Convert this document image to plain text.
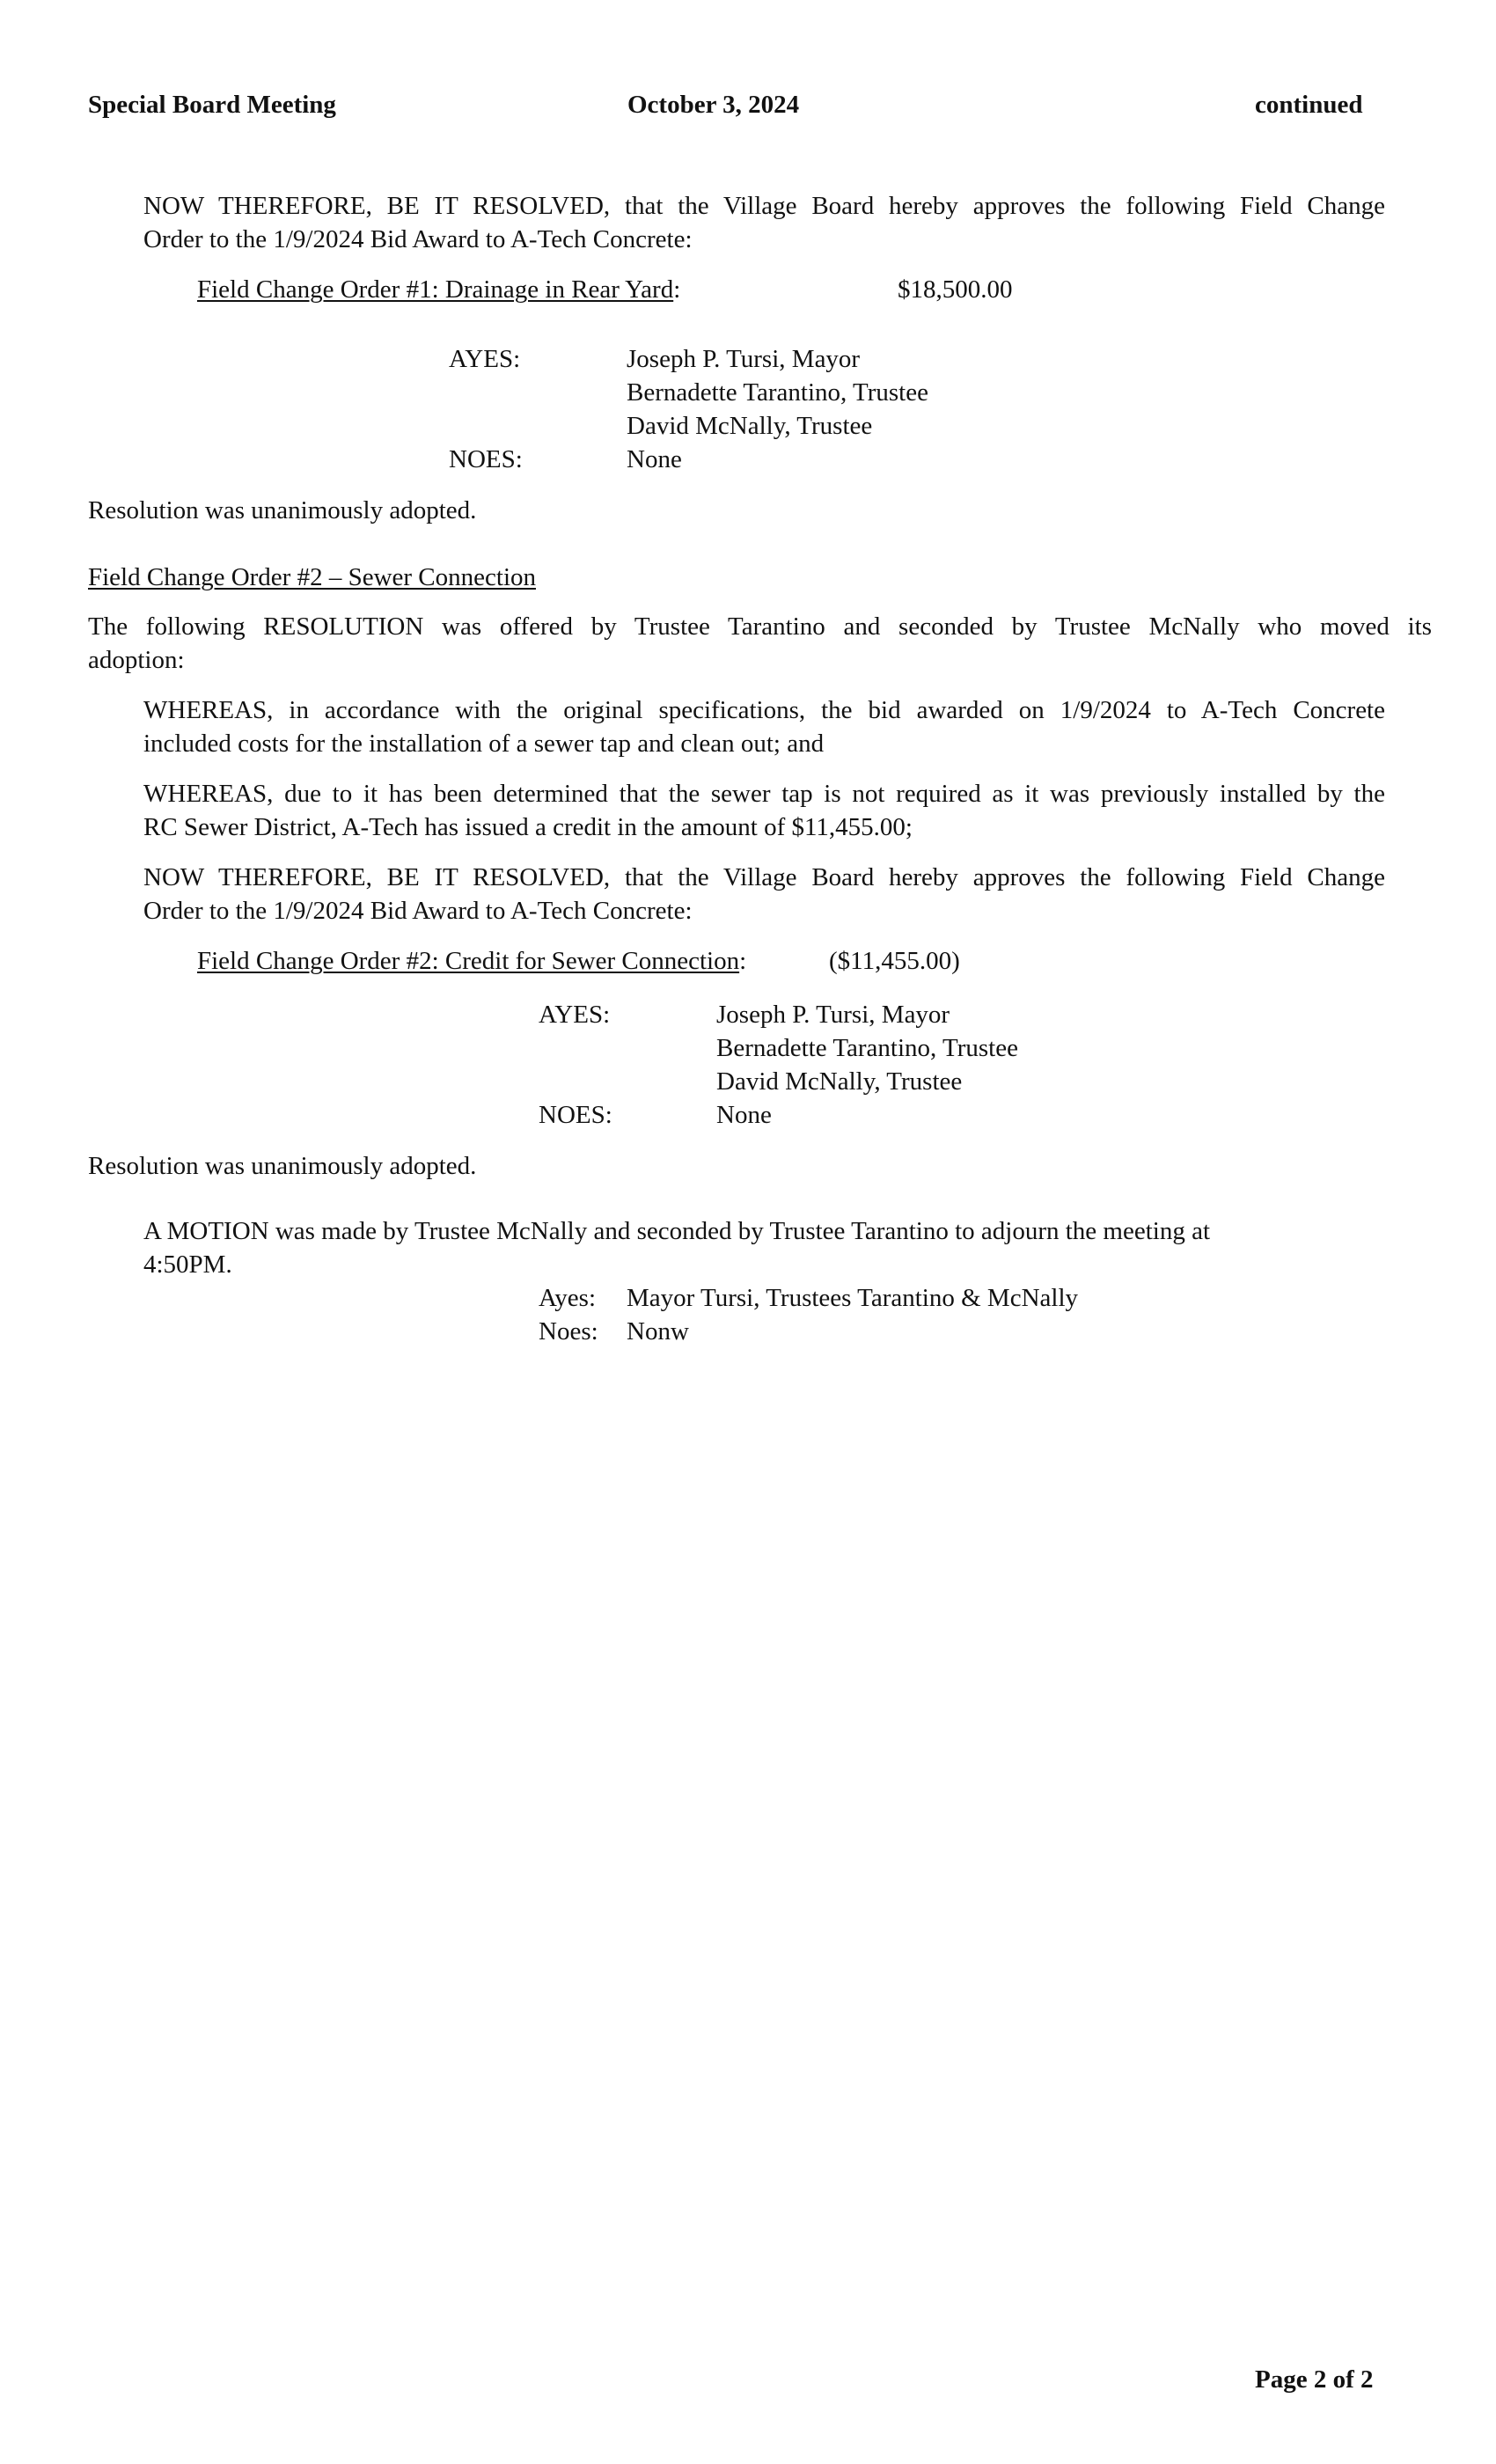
Special Board Meeting	October 3, 2024	continued
NOW THEREFORE, BE IT RESOLVED, that the Village Board hereby approves the following Field Change
Order to the 1/9/2024 Bid Award to A-Tech Concrete:
Field Change Order #1: Drainage in Rear Yard:	$18,500.00
AYES:	Joseph P. Tursi, Mayor
Bernadette Tarantino, Trustee
David McNally, Trustee
NOES:	None
Resolution was unanimously adopted.
Field Change Order #2 – Sewer Connection
The following RESOLUTION was offered by Trustee Tarantino and seconded by Trustee McNally who moved its
adoption:
WHEREAS, in accordance with the original specifications, the bid awarded on 1/9/2024 to A-Tech Concrete
included costs for the installation of a sewer tap and clean out; and
WHEREAS, due to it has been determined that the sewer tap is not required as it was previously installed by the
RC Sewer District, A-Tech has issued a credit in the amount of $11,455.00;
NOW THEREFORE, BE IT RESOLVED, that the Village Board hereby approves the following Field Change
Order to the 1/9/2024 Bid Award to A-Tech Concrete:
Field Change Order #2: Credit for Sewer Connection:	($11,455.00)
AYES:	Joseph P. Tursi, Mayor
Bernadette Tarantino, Trustee
David McNally, Trustee
NOES:	None
Resolution was unanimously adopted.
A MOTION was made by Trustee McNally and seconded by Trustee Tarantino to adjourn the meeting at
4:50PM.
Ayes: Mayor Tursi, Trustees Tarantino & McNally
Noes: Nonw
Page 2 of 2
